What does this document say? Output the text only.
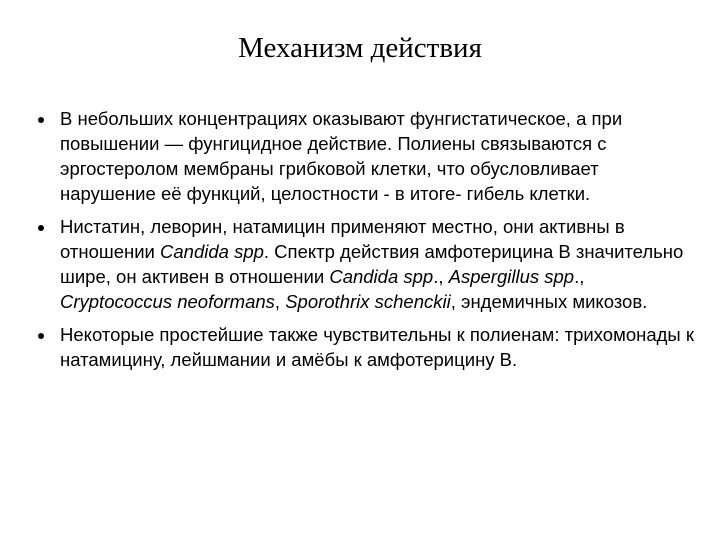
Механизм действия
В небольших концентрациях оказывают фунгистатическое, а при повышении — фунгицидное действие. Полиены связываются с эргостеролом мембраны грибковой клетки, что обусловливает нарушение её функций, целостности - в итоге- гибель клетки.
Нистатин, леворин, натамицин применяют местно, они активны в отношении Candida spp. Спектр действия амфотерицина В значительно шире, он активен в отношении Candida spp., Aspergillus spp., Cryptococcus neoformans, Sporothrix schenckii, эндемичных микозов.
Некоторые простейшие также чувствительны к полиенам: трихомонады к натамицину, лейшмании и амёбы к амфотерицину В.
